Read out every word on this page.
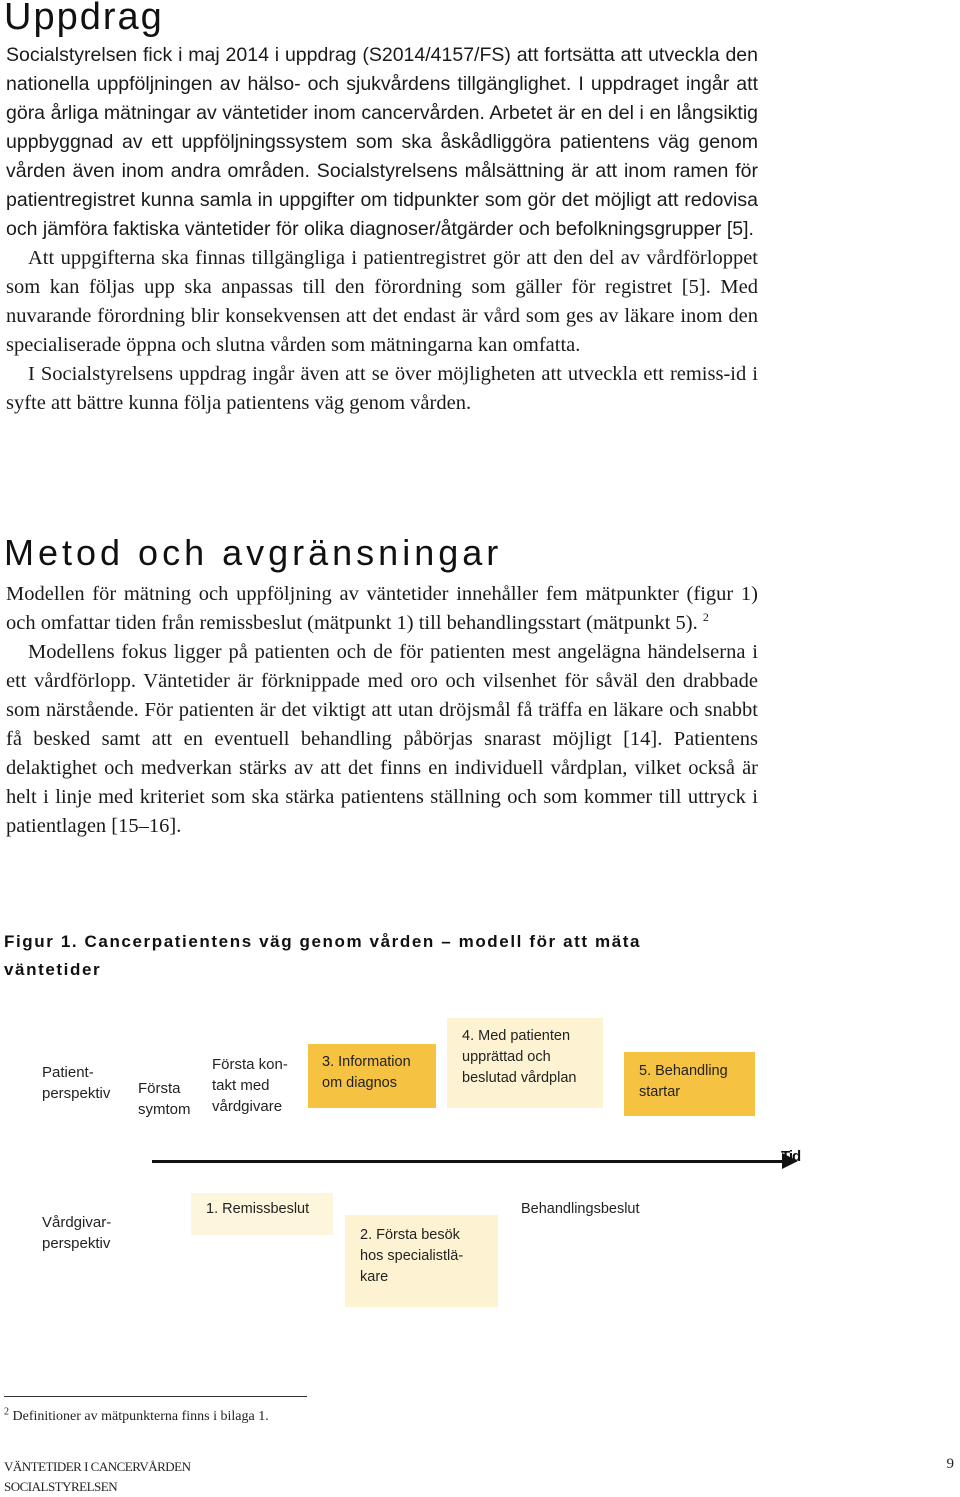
Uppdrag

Socialstyrelsen fick i maj 2014 i uppdrag (S2014/4157/FS) att fortsätta att utveckla den nationella uppföljningen av hälso- och sjukvårdens tillgänglighet. I uppdraget ingår att göra årliga mätningar av väntetider inom cancervården. Arbetet är en del i en långsiktig uppbyggnad av ett uppföljningssystem som ska åskådliggöra patientens väg genom vården även inom andra områden. Socialstyrelsens målsättning är att inom ramen för patientregistret kunna samla in uppgifter om tidpunkter som gör det möjligt att redovisa och jämföra faktiska väntetider för olika diagnoser/åtgärder och befolkningsgrupper [5].

Att uppgifterna ska finnas tillgängliga i patientregistret gör att den del av vårdförloppet som kan följas upp ska anpassas till den förordning som gäller för registret [5]. Med nuvarande förordning blir konsekvensen att det endast är vård som ges av läkare inom den specialiserade öppna och slutna vården som mätningarna kan omfatta.

I Socialstyrelsens uppdrag ingår även att se över möjligheten att utveckla ett remiss-id i syfte att bättre kunna följa patientens väg genom vården.

Metod och avgränsningar

Modellen för mätning och uppföljning av väntetider innehåller fem mätpunkter (figur 1) och omfattar tiden från remissbeslut (mätpunkt 1) till behandlingsstart (mätpunkt 5). $^2$

Modellens fokus ligger på patienten och de för patienten mest angelägna händelserna i ett vårdförlopp. Väntetider är förknippade med oro och vilsenhet för såväl den drabbade som närstående. För patienten är det viktigt att utan dröjsmål få träffa en läkare och snabbt få besked samt att en eventuell behandling påbörjas snarast möjligt [14]. Patientens delaktighet och medverkan stärks av att det finns en individuell vårdplan, vilket också är helt i linje med kriteriet som ska stärka patientens ställning och som kommer till uttryck i patientlagen [15–16].

Figur 1. Cancerpatientens väg genom vården – modell för att mäta väntetider
Patient-
perspektiv Första
symtom
Första kon-
takt med
vårdgivare
3. Information
om diagnos
4. Med patienten
upprättad och
beslutad vårdplan	5. Behandling
startar
Tid
Vårdgivar-
perspektiv
1. Remissbeslut
2. Första besök
hos specialistlä-
kare
Behandlingsbeslut
$^2$ Definitioner av mätpunkterna finns i bilaga 1.
VÄNTETIDER I CANCERVÅRDEN
SOCIALSTYRELSEN
9
